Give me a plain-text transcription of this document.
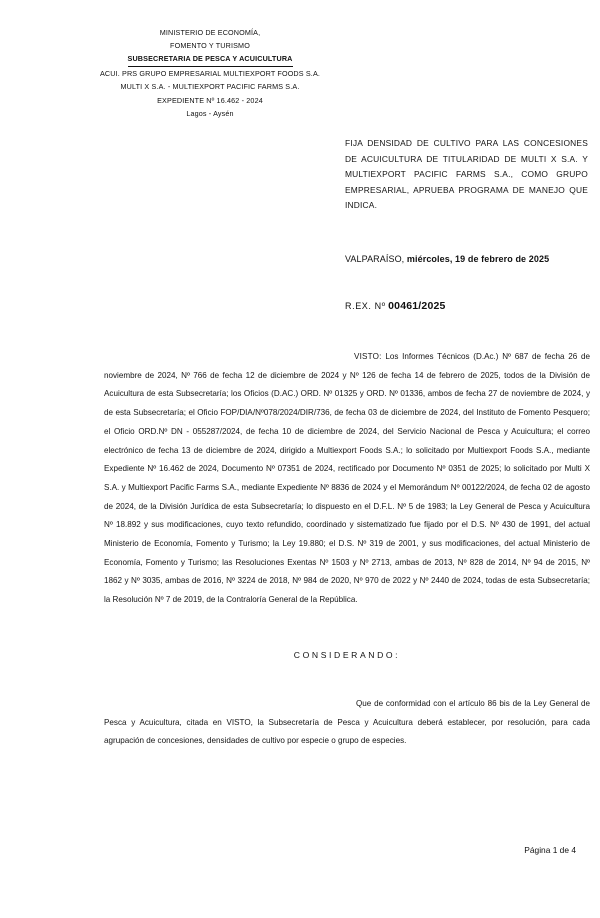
MINISTERIO DE ECONOMÍA,
FOMENTO Y TURISMO
SUBSECRETARIA DE PESCA Y ACUICULTURA
ACUI. PRS GRUPO EMPRESARIAL MULTIEXPORT FOODS S.A.
MULTI X S.A. - MULTIEXPORT PACIFIC FARMS S.A.
EXPEDIENTE Nº 16.462 - 2024
Lagos - Aysén
FIJA DENSIDAD DE CULTIVO PARA LAS CONCESIONES DE ACUICULTURA DE TITULARIDAD DE MULTI X S.A. Y MULTIEXPORT PACIFIC FARMS S.A., COMO GRUPO EMPRESARIAL, APRUEBA PROGRAMA DE MANEJO QUE INDICA.
VALPARAÍSO, miércoles, 19 de febrero de 2025
R.EX. Nº 00461/2025
VISTO: Los Informes Técnicos (D.Ac.) Nº 687 de fecha 26 de noviembre de 2024, Nº 766 de fecha 12 de diciembre de 2024 y Nº 126 de fecha 14 de febrero de 2025, todos de la División de Acuicultura de esta Subsecretaría; los Oficios (D.AC.) ORD. Nº 01325 y ORD. Nº 01336, ambos de fecha 27 de noviembre de 2024, y de esta Subsecretaría; el Oficio FOP/DIA/Nº078/2024/DIR/736, de fecha 03 de diciembre de 2024, del Instituto de Fomento Pesquero; el Oficio ORD.Nº DN - 055287/2024, de fecha 10 de diciembre de 2024, del Servicio Nacional de Pesca y Acuicultura; el correo electrónico de fecha 13 de diciembre de 2024, dirigido a Multiexport Foods S.A.; lo solicitado por Multiexport Foods S.A., mediante Expediente Nº 16.462 de 2024, Documento Nº 07351 de 2024, rectificado por Documento Nº 0351 de 2025; lo solicitado por Multi X S.A. y Multiexport Pacific Farms S.A., mediante Expediente Nº 8836 de 2024 y el Memorándum Nº 00122/2024, de fecha 02 de agosto de 2024, de la División Jurídica de esta Subsecretaría; lo dispuesto en el D.F.L. Nº 5 de 1983; la Ley General de Pesca y Acuicultura Nº 18.892 y sus modificaciones, cuyo texto refundido, coordinado y sistematizado fue fijado por el D.S. Nº 430 de 1991, del actual Ministerio de Economía, Fomento y Turismo; la Ley 19.880; el D.S. Nº 319 de 2001, y sus modificaciones, del actual Ministerio de Economía, Fomento y Turismo; las Resoluciones Exentas Nº 1503 y Nº 2713, ambas de 2013, Nº 828 de 2014, Nº 94 de 2015, Nº 1862 y Nº 3035, ambas de 2016, Nº 3224 de 2018, Nº 984 de 2020, Nº 970 de 2022 y Nº 2440 de 2024, todas de esta Subsecretaría; la Resolución Nº 7 de 2019, de la Contraloría General de la República.
CONSIDERANDO:
Que de conformidad con el artículo 86 bis de la Ley General de Pesca y Acuicultura, citada en VISTO, la Subsecretaría de Pesca y Acuicultura deberá establecer, por resolución, para cada agrupación de concesiones, densidades de cultivo por especie o grupo de especies.
Página 1 de 4
